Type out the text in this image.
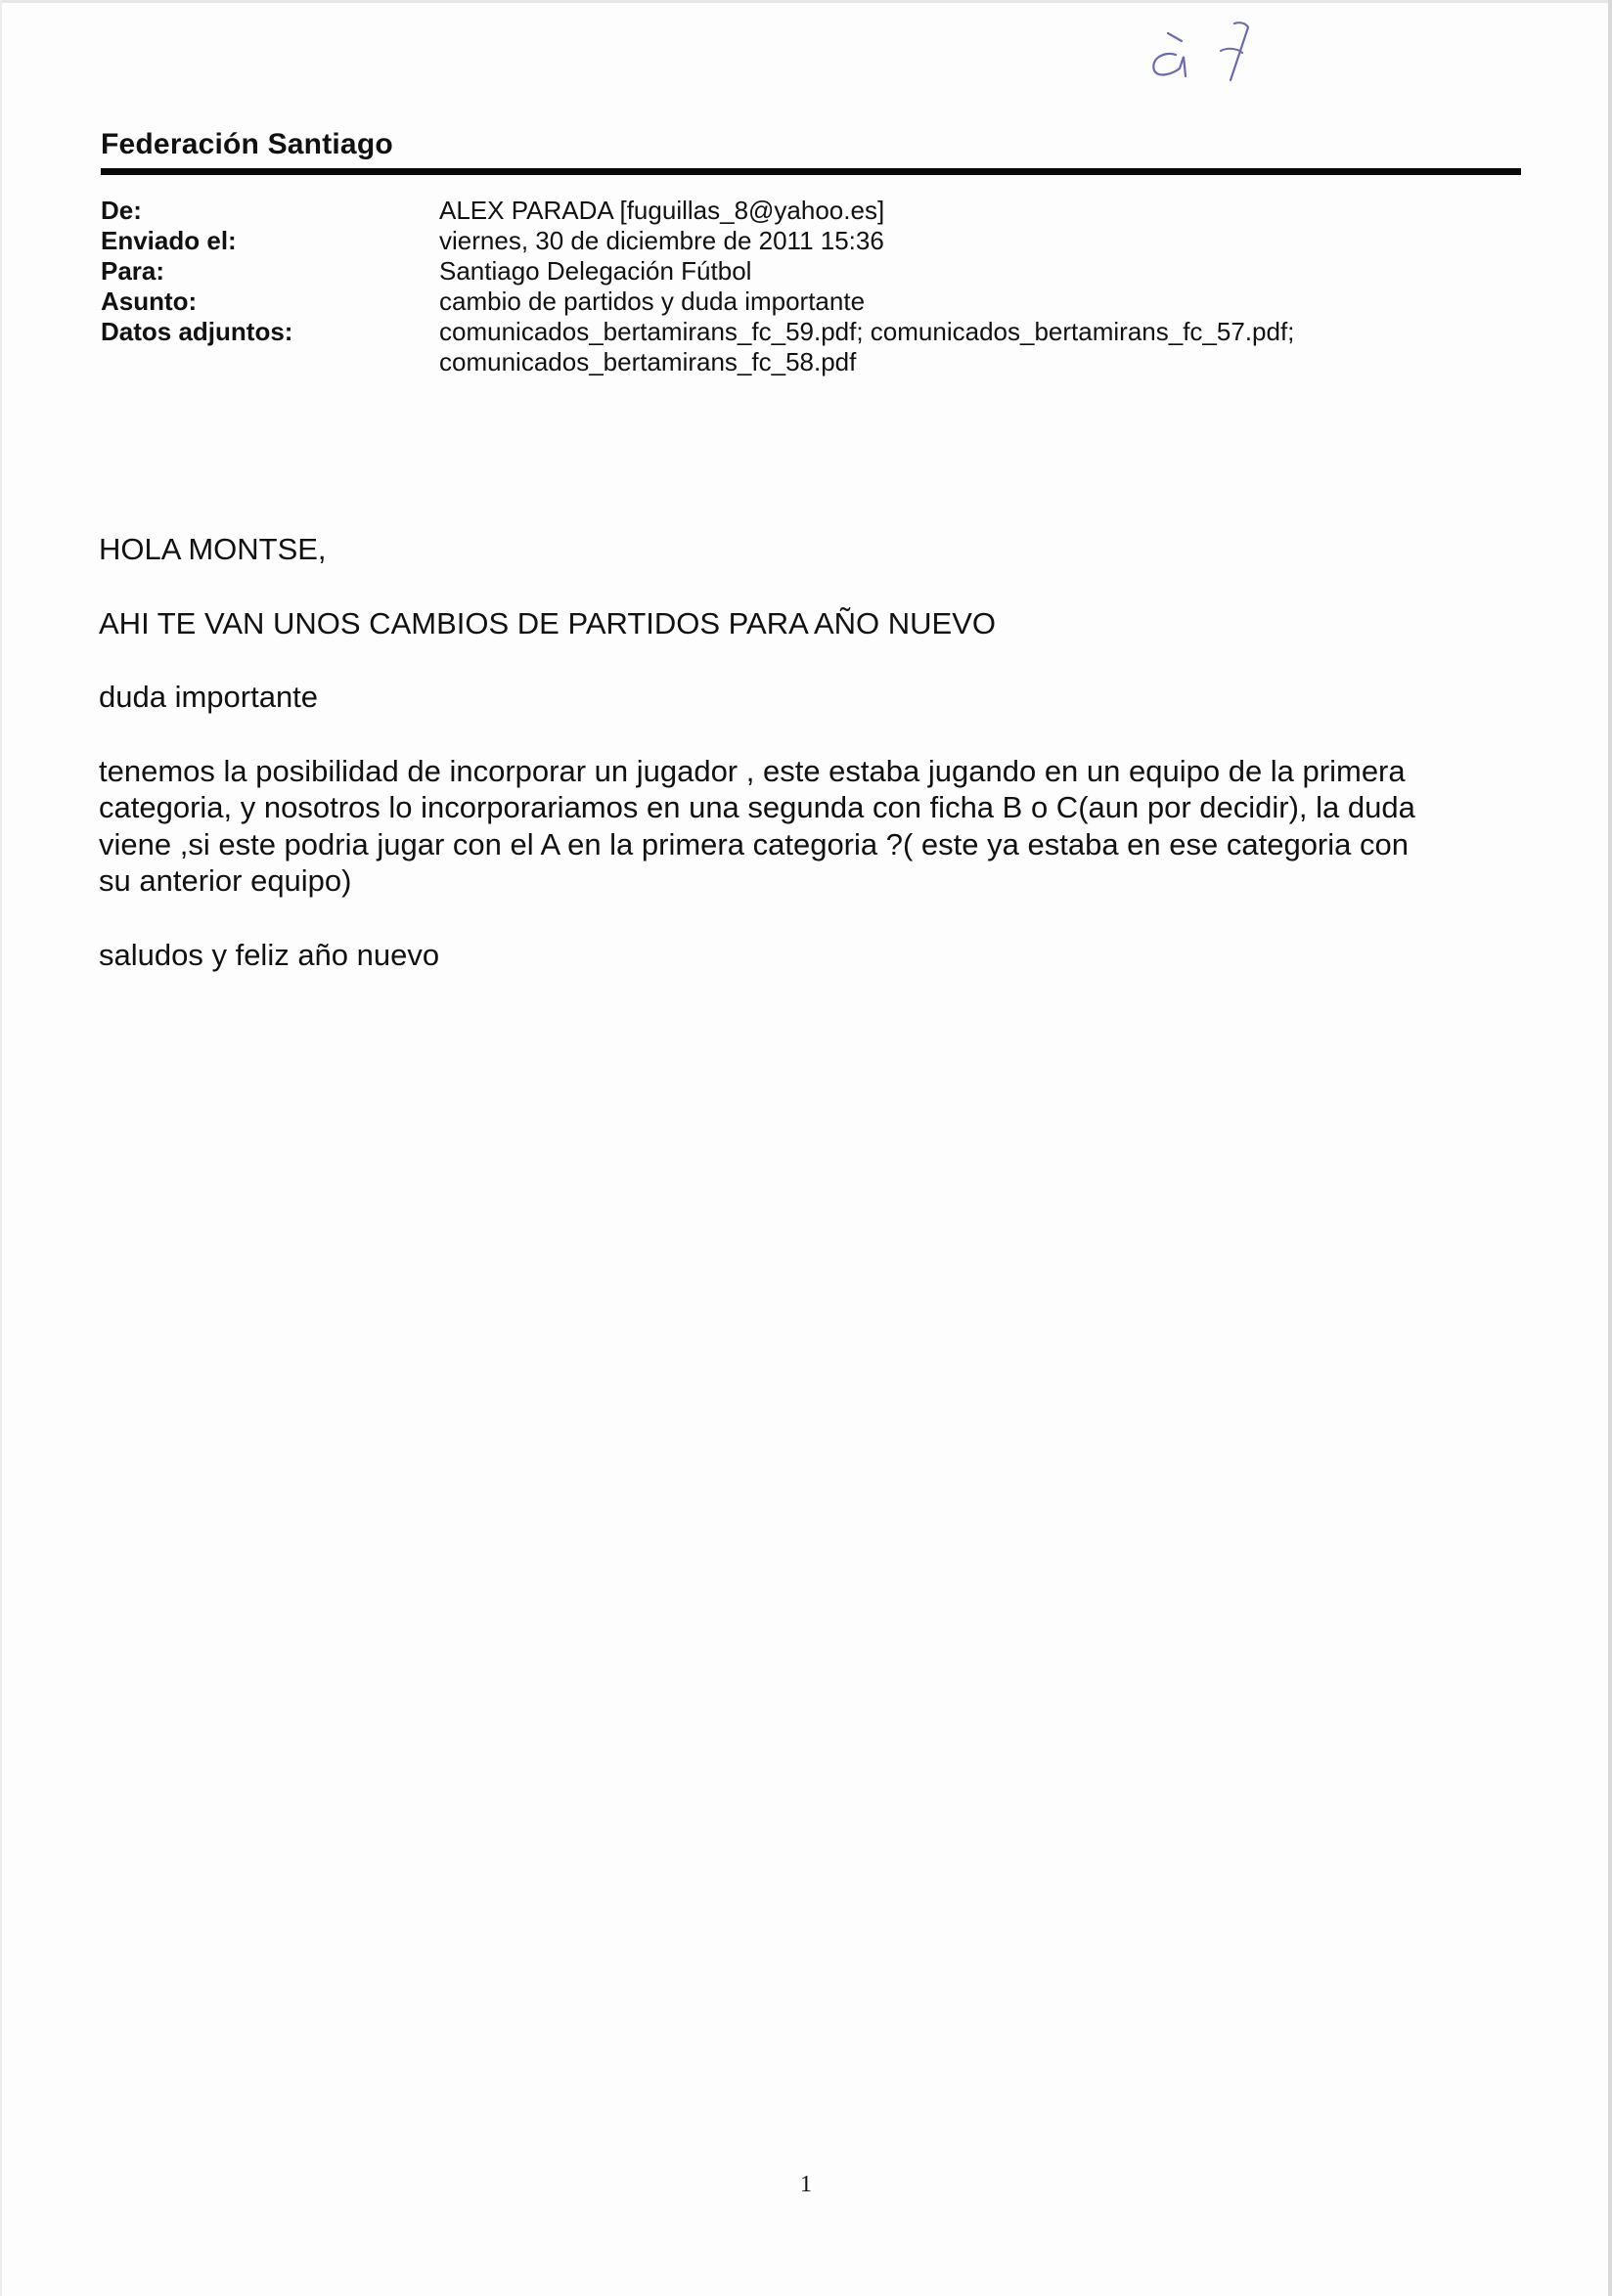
Federación Santiago
De:	ALEX PARADA [fuguillas_8@yahoo.es]
Enviado el:	viernes, 30 de diciembre de 2011 15:36
Para:	Santiago Delegación Fútbol
Asunto:	cambio de partidos y duda importante
Datos adjuntos:	comunicados_bertamirans_fc_59.pdf; comunicados_bertamirans_fc_57.pdf;
comunicados_bertamirans_fc_58.pdf

HOLA MONTSE,

AHI TE VAN UNOS CAMBIOS DE PARTIDOS PARA AÑO NUEVO

duda importante

tenemos la posibilidad de incorporar un jugador , este estaba jugando en un equipo de la primera
categoria, y nosotros lo incorporariamos en una segunda con ficha B o C(aun por decidir), la duda
viene ,si este podria jugar con el A en la primera categoria ?( este ya estaba en ese categoria con
su anterior equipo)

saludos y feliz año nuevo

1
